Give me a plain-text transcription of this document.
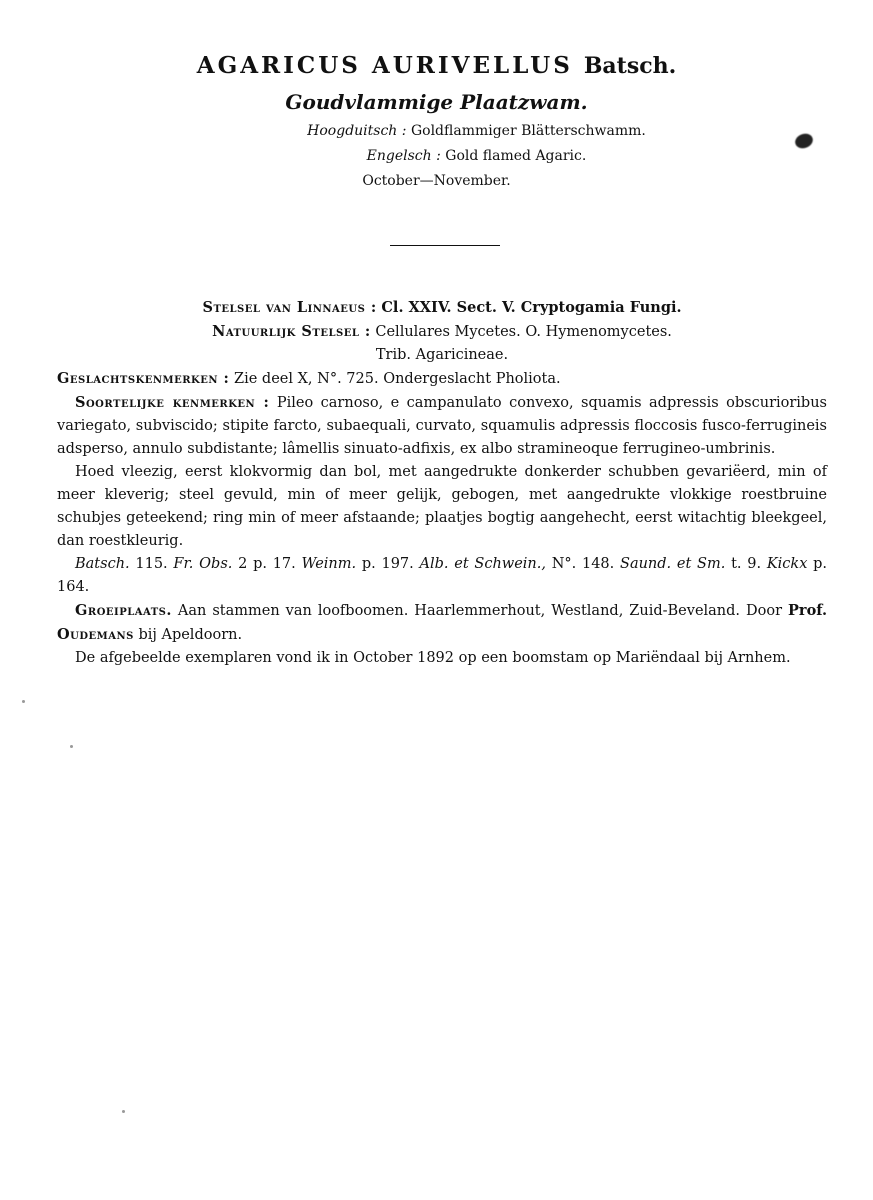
AGARICUS AURIVELLUS Batsch.
Goudvlammige Plaatzwam.
Hoogduitsch : Goldflammiger Blätterschwamm.
Engelsch : Gold flamed Agaric.
October—November.

Stelsel van Linnaeus : Cl. XXIV. Sect. V. Cryptogamia Fungi.

Natuurlijk Stelsel : Cellulares Mycetes. O. Hymenomycetes.

Trib. Agaricineae.

Geslachtskenmerken : Zie deel X, N°. 725. Ondergeslacht Pholiota.

Soortelijke kenmerken : Pileo carnoso, e campanulato convexo, squamis adpressis obscurioribus variegato, subviscido; stipite farcto, subaequali, curvato, squamulis adpressis floccosis fusco-ferrugineis adsperso, annulo subdistante; lâmellis sinuato-adfixis, ex albo stramineoque ferrugineo-umbrinis.

Hoed vleezig, eerst klokvormig dan bol, met aangedrukte donkerder schubben gevariëerd, min of meer kleverig; steel gevuld, min of meer gelijk, gebogen, met aangedrukte vlokkige roestbruine schubjes geteekend; ring min of meer afstaande; plaatjes bogtig aangehecht, eerst witachtig bleekgeel, dan roestkleurig.

Batsch. 115. Fr. Obs. 2 p. 17. Weinm. p. 197. Alb. et Schwein., N°. 148. Saund. et Sm. t. 9. Kickx p. 164.

Groeiplaats. Aan stammen van loofboomen. Haarlemmerhout, Westland, Zuid-Beveland. Door Prof. Oudemans bij Apeldoorn.

De afgebeelde exemplaren vond ik in October 1892 op een boomstam op Mariëndaal bij Arnhem.
